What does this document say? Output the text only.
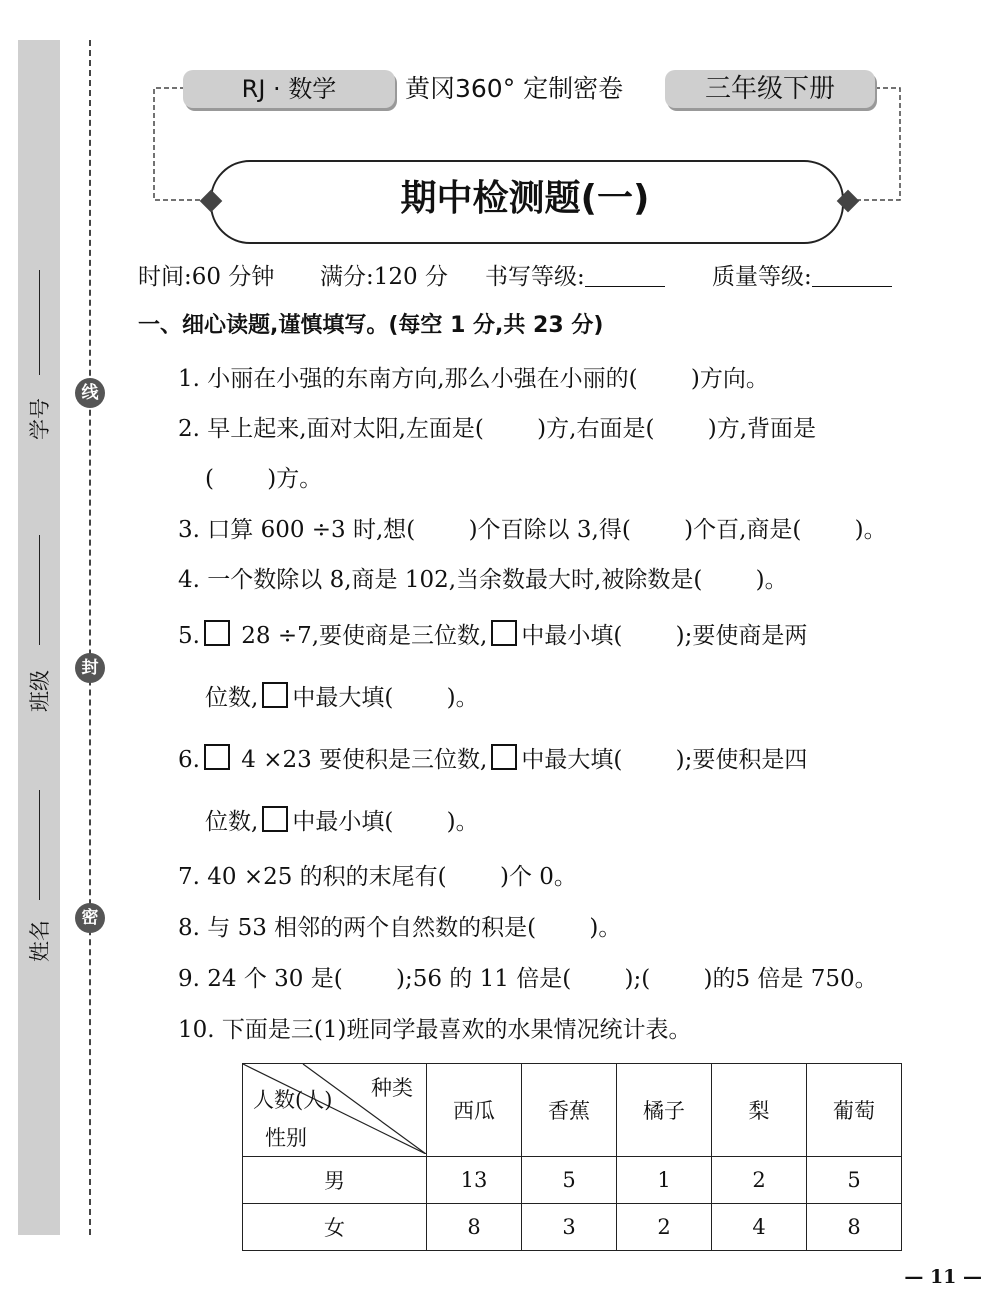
学号
班级
姓名
线
封
密
RJ · 数学	黄冈360° 定制密卷	三年级下册
期中检测题(一)
时间:60 分钟 满分:120 分 书写等级:	质量等级:
一、细心读题,谨慎填写。(每空 1 分,共 23 分)
1. 小丽在小强的东南方向,那么小强在小丽的(　　 )方向。
2. 早上起来,面对太阳,左面是(　　 )方,右面是(　　 )方,背面是
(　　 )方。
3. 口算 600 ÷3 时,想(　　 )个百除以 3,得(　　 )个百,商是(　　 )。
4. 一个数除以 8,商是 102,当余数最大时,被除数是(　　 )。
5. 28 ÷7,要使商是三位数, 中最小填(　　 );要使商是两
位数, 中最大填(　　 )。
6. 4 ×23 要使积是三位数, 中最大填(　　 );要使积是四
位数, 中最小填(　　 )。
7. 40 ×25 的积的末尾有(　　 )个 0。
8. 与 53 相邻的两个自然数的积是(　　 )。
9. 24 个 30 是(　　 );56 的 11 倍是(　　 );(　　 )的5 倍是 750。
10. 下面是三(1)班同学最喜欢的水果情况统计表。
种类
人数(人)
性别	西瓜	香蕉	橘子	梨	葡萄
男	13	5	1	2	5
女	8	3	2	4	8
— 11 —
